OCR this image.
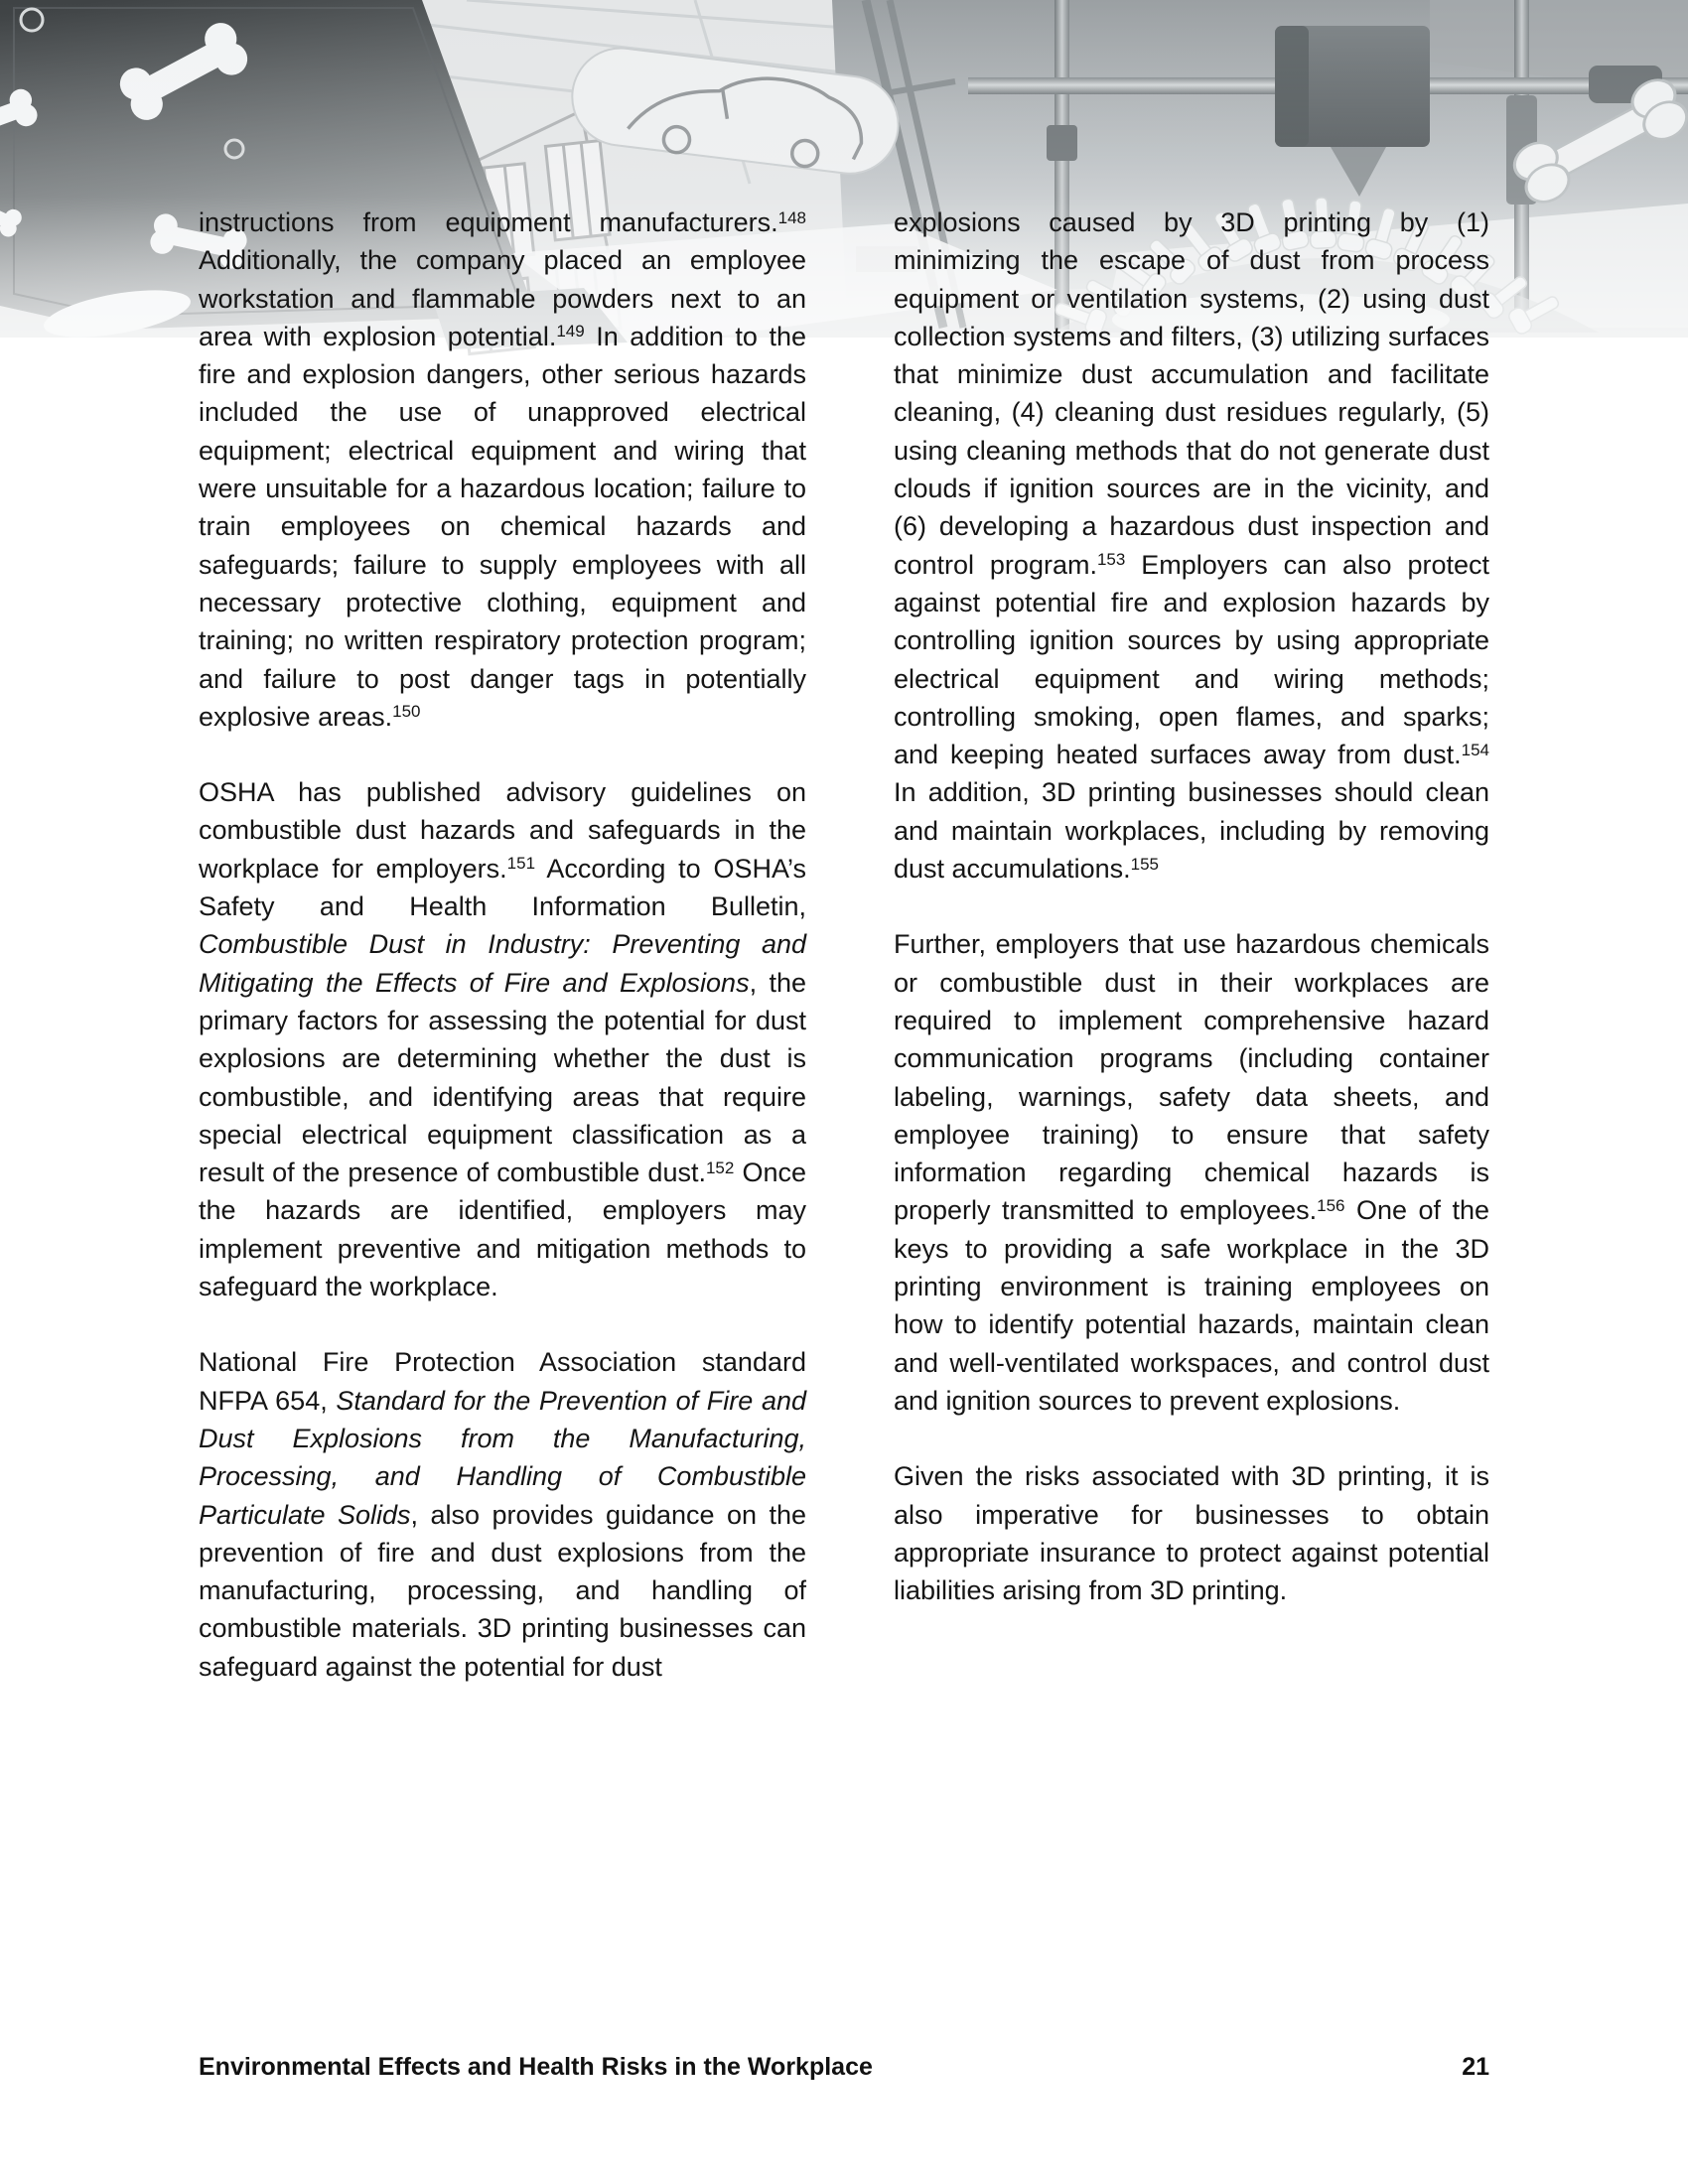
instructions from equipment manufacturers.$^{148}$ Additionally, the company placed an employee workstation and flammable powders next to an area with explosion potential.$^{149}$ In addition to the fire and explosion dangers, other serious hazards included the use of unapproved electrical equipment; electrical equipment and wiring that were unsuitable for a hazardous location; failure to train employees on chemical hazards and safeguards; failure to supply employees with all necessary protective clothing, equipment and training; no written respiratory protection program; and failure to post danger tags in potentially explosive areas.$^{150}$

OSHA has published advisory guidelines on combustible dust hazards and safeguards in the workplace for employers.$^{151}$ According to OSHA’s Safety and Health Information Bulletin, Combustible Dust in Industry: Preventing and Mitigating the Effects of Fire and Explosions, the primary factors for assessing the potential for dust explosions are determining whether the dust is combustible, and identifying areas that require special electrical equipment classification as a result of the presence of combustible dust.$^{152}$ Once the hazards are identified, employers may implement preventive and mitigation methods to safeguard the workplace.

National Fire Protection Association standard NFPA 654, Standard for the Prevention of Fire and Dust Explosions from the Manufacturing, Processing, and Handling of Combustible Particulate Solids, also provides guidance on the prevention of fire and dust explosions from the manufacturing, processing, and handling of combustible materials. 3D printing businesses can safeguard against the potential for dust

explosions caused by 3D printing by (1) minimizing the escape of dust from process equipment or ventilation systems, (2) using dust collection systems and filters, (3) utilizing surfaces that minimize dust accumulation and facilitate cleaning, (4) cleaning dust residues regularly, (5) using cleaning methods that do not generate dust clouds if ignition sources are in the vicinity, and (6) developing a hazardous dust inspection and control program.$^{153}$ Employers can also protect against potential fire and explosion hazards by controlling ignition sources by using appropriate electrical equipment and wiring methods; controlling smoking, open flames, and sparks; and keeping heated surfaces away from dust.$^{154}$ In addition, 3D printing businesses should clean and maintain workplaces, including by removing dust accumulations.$^{155}$

Further, employers that use hazardous chemicals or combustible dust in their workplaces are required to implement comprehensive hazard communication programs (including container labeling, warnings, safety data sheets, and employee training) to ensure that safety information regarding chemical hazards is properly transmitted to employees.$^{156}$ One of the keys to providing a safe workplace in the 3D printing environment is training employees on how to identify potential hazards, maintain clean and well-ventilated workspaces, and control dust and ignition sources to prevent explosions.

Given the risks associated with 3D printing, it is also imperative for businesses to obtain appropriate insurance to protect against potential liabilities arising from 3D printing.

Environmental Effects and Health Risks in the Workplace	21
